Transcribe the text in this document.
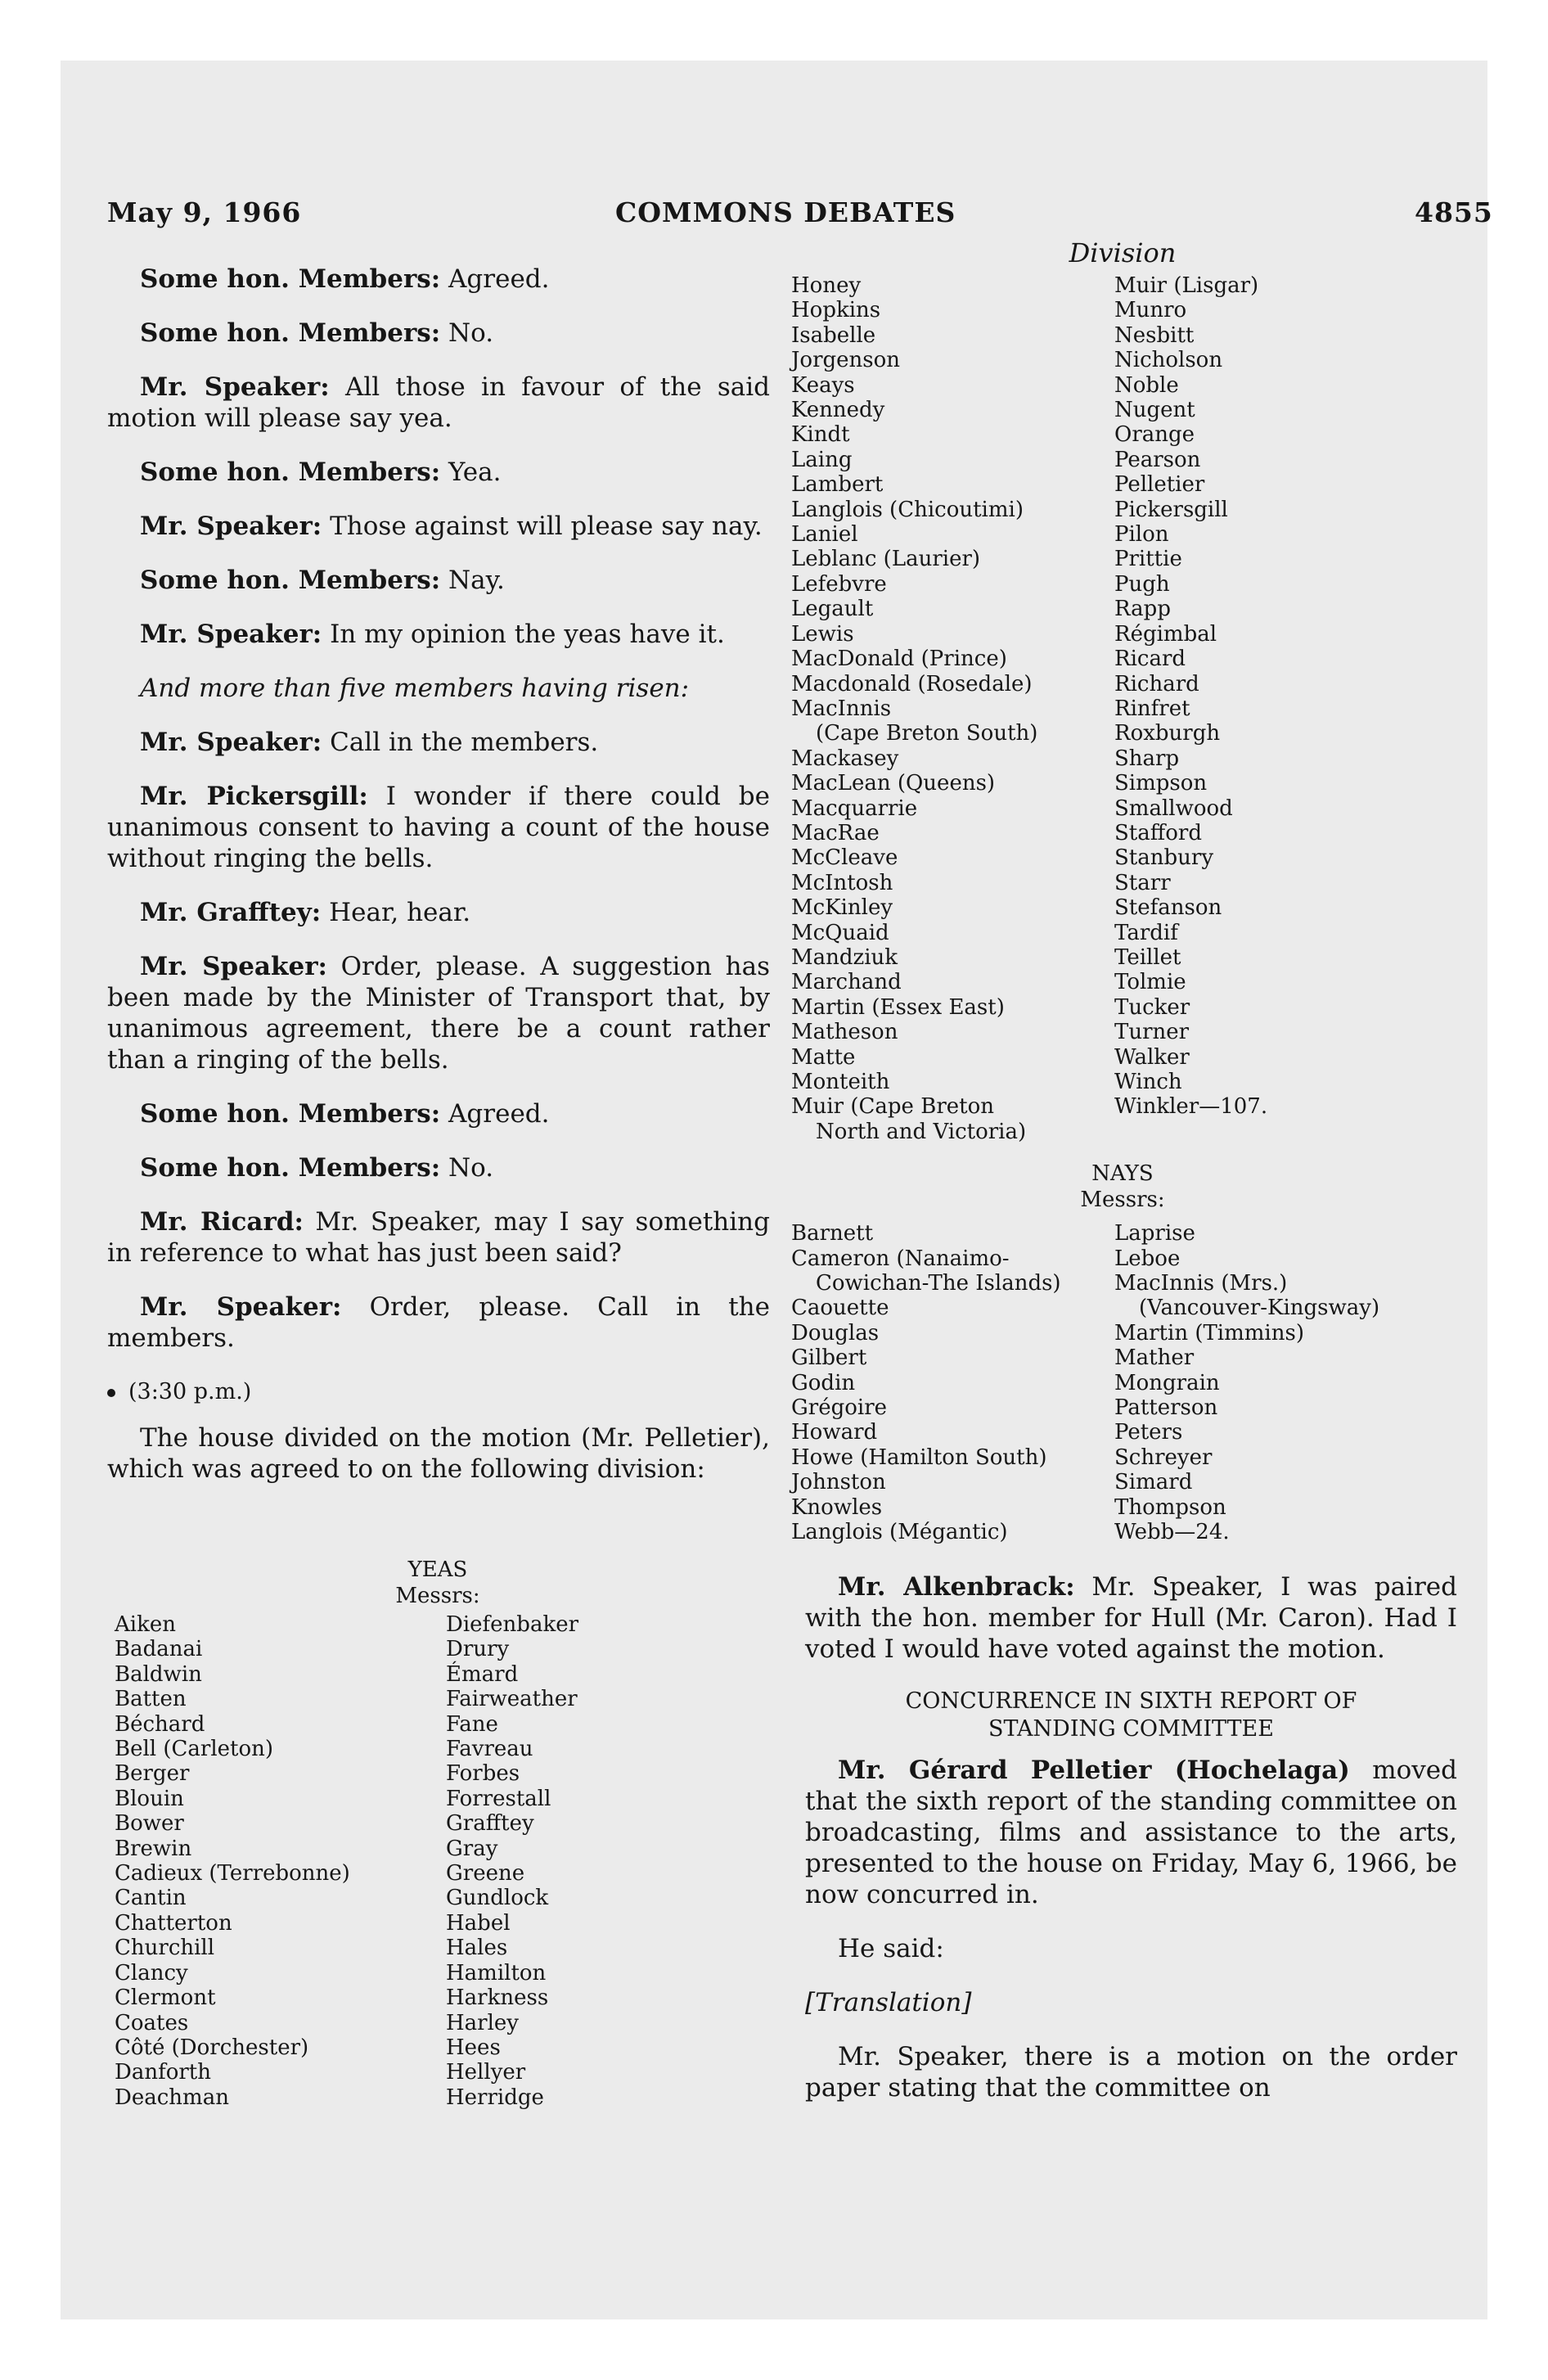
May 9, 1966	COMMONS DEBATES	4855

Some hon. Members: Agreed.

Some hon. Members: No.

Mr. Speaker: All those in favour of the said motion will please say yea.

Some hon. Members: Yea.

Mr. Speaker: Those against will please say nay.

Some hon. Members: Nay.

Mr. Speaker: In my opinion the yeas have it.

And more than five members having risen:

Mr. Speaker: Call in the members.

Mr. Pickersgill: I wonder if there could be unanimous consent to having a count of the house without ringing the bells.

Mr. Grafftey: Hear, hear.

Mr. Speaker: Order, please. A suggestion has been made by the Minister of Transport that, by unanimous agreement, there be a count rather than a ringing of the bells.

Some hon. Members: Agreed.

Some hon. Members: No.

Mr. Ricard: Mr. Speaker, may I say something in reference to what has just been said?

Mr. Speaker: Order, please. Call in the members.

(3:30 p.m.)

The house divided on the motion (Mr. Pelletier), which was agreed to on the following division:

YEAS

Messrs:

Aiken
Badanai
Baldwin
Batten
Béchard
Bell (Carleton)
Berger
Blouin
Bower
Brewin
Cadieux (Terrebonne)
Cantin
Chatterton
Churchill
Clancy
Clermont
Coates
Côté (Dorchester)
Danforth
Deachman
Diefenbaker
Drury
Émard
Fairweather
Fane
Favreau
Forbes
Forrestall
Grafftey
Gray
Greene
Gundlock
Habel
Hales
Hamilton
Harkness
Harley
Hees
Hellyer
Herridge

Division

Honey
Hopkins
Isabelle
Jorgenson
Keays
Kennedy
Kindt
Laing
Lambert
Langlois (Chicoutimi)
Laniel
Leblanc (Laurier)
Lefebvre
Legault
Lewis
MacDonald (Prince)
Macdonald (Rosedale)
MacInnis
(Cape Breton South)
Mackasey
MacLean (Queens)
Macquarrie
MacRae
McCleave
McIntosh
McKinley
McQuaid
Mandziuk
Marchand
Martin (Essex East)
Matheson
Matte
Monteith
Muir (Cape Breton
North and Victoria)
Muir (Lisgar)
Munro
Nesbitt
Nicholson
Noble
Nugent
Orange
Pearson
Pelletier
Pickersgill
Pilon
Prittie
Pugh
Rapp
Régimbal
Ricard
Richard
Rinfret
Roxburgh
Sharp
Simpson
Smallwood
Stafford
Stanbury
Starr
Stefanson
Tardif
Teillet
Tolmie
Tucker
Turner
Walker
Winch
Winkler—107.

NAYS

Messrs:

Barnett
Cameron (Nanaimo-
Cowichan-The Islands)
Caouette
Douglas
Gilbert
Godin
Grégoire
Howard
Howe (Hamilton South)
Johnston
Knowles
Langlois (Mégantic)
Laprise
Leboe
MacInnis (Mrs.)
(Vancouver-Kingsway)
Martin (Timmins)
Mather
Mongrain
Patterson
Peters
Schreyer
Simard
Thompson
Webb—24.

Mr. Alkenbrack: Mr. Speaker, I was paired with the hon. member for Hull (Mr. Caron). Had I voted I would have voted against the motion.

CONCURRENCE IN SIXTH REPORT OF

STANDING COMMITTEE

Mr. Gérard Pelletier (Hochelaga) moved that the sixth report of the standing committee on broadcasting, films and assistance to the arts, presented to the house on Friday, May 6, 1966, be now concurred in.

He said:

[Translation]

Mr. Speaker, there is a motion on the order paper stating that the committee on
